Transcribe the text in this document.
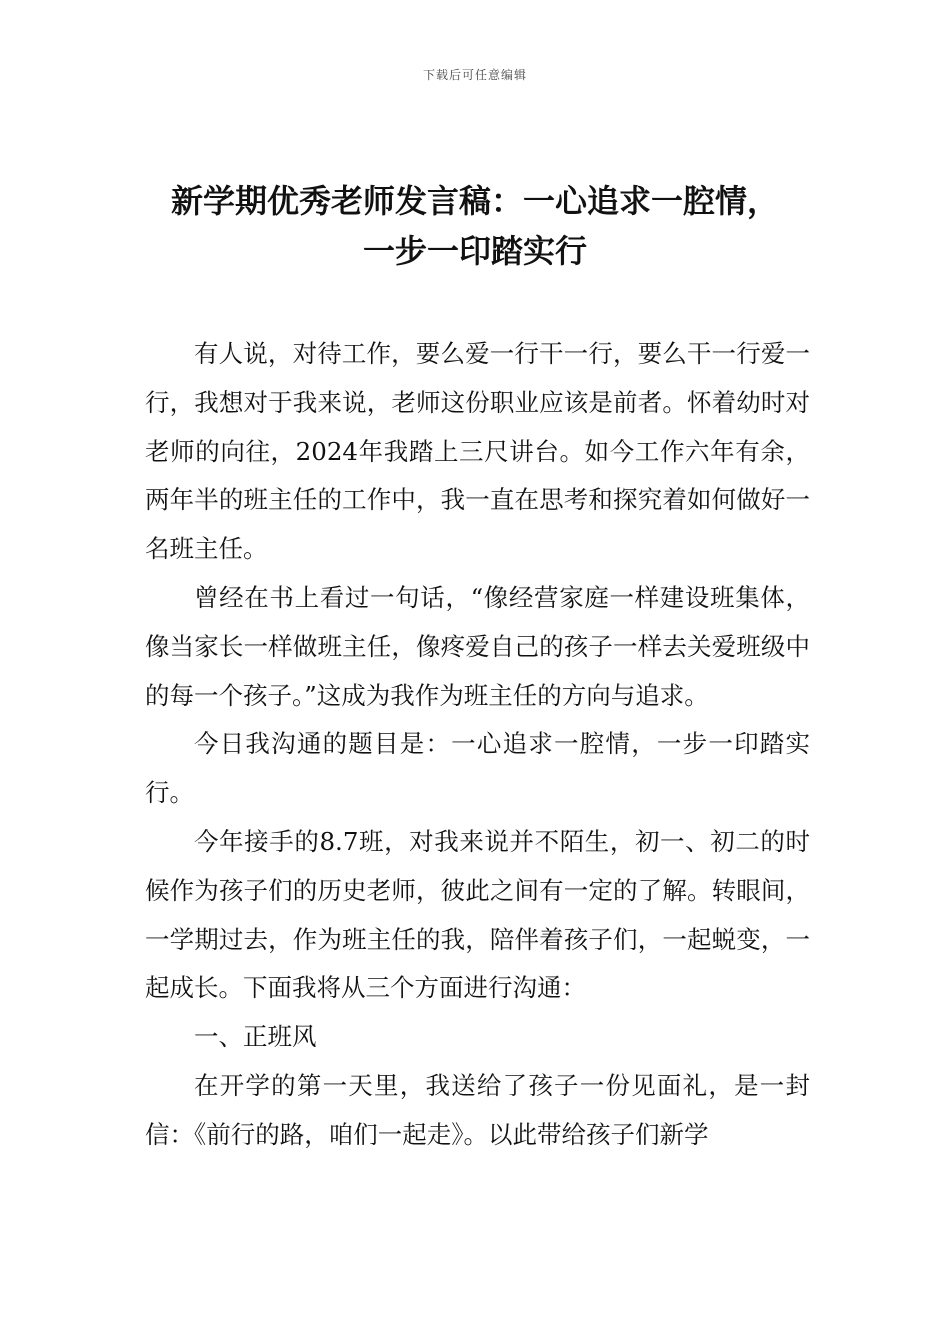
下载后可任意编辑
新学期优秀老师发言稿：一心追求一腔情，
一步一印踏实行

有人说，对待工作，要么爱一行干一行，要么干一行爱一行，我想对于我来说，老师这份职业应该是前者。怀着幼时对老师的向往，2024年我踏上三尺讲台。如今工作六年有余，两年半的班主任的工作中，我一直在思考和探究着如何做好一名班主任。

曾经在书上看过一句话，“像经营家庭一样建设班集体，像当家长一样做班主任，像疼爱自己的孩子一样去关爱班级中的每一个孩子。”这成为我作为班主任的方向与追求。

今日我沟通的题目是：一心追求一腔情，一步一印踏实行。

今年接手的8.7班，对我来说并不陌生，初一、初二的时候作为孩子们的历史老师，彼此之间有一定的了解。转眼间，一学期过去，作为班主任的我，陪伴着孩子们，一起蜕变，一起成长。下面我将从三个方面进行沟通：

一、正班风

在开学的第一天里，我送给了孩子一份见面礼，是一封信：《前行的路，咱们一起走》。以此带给孩子们新学
